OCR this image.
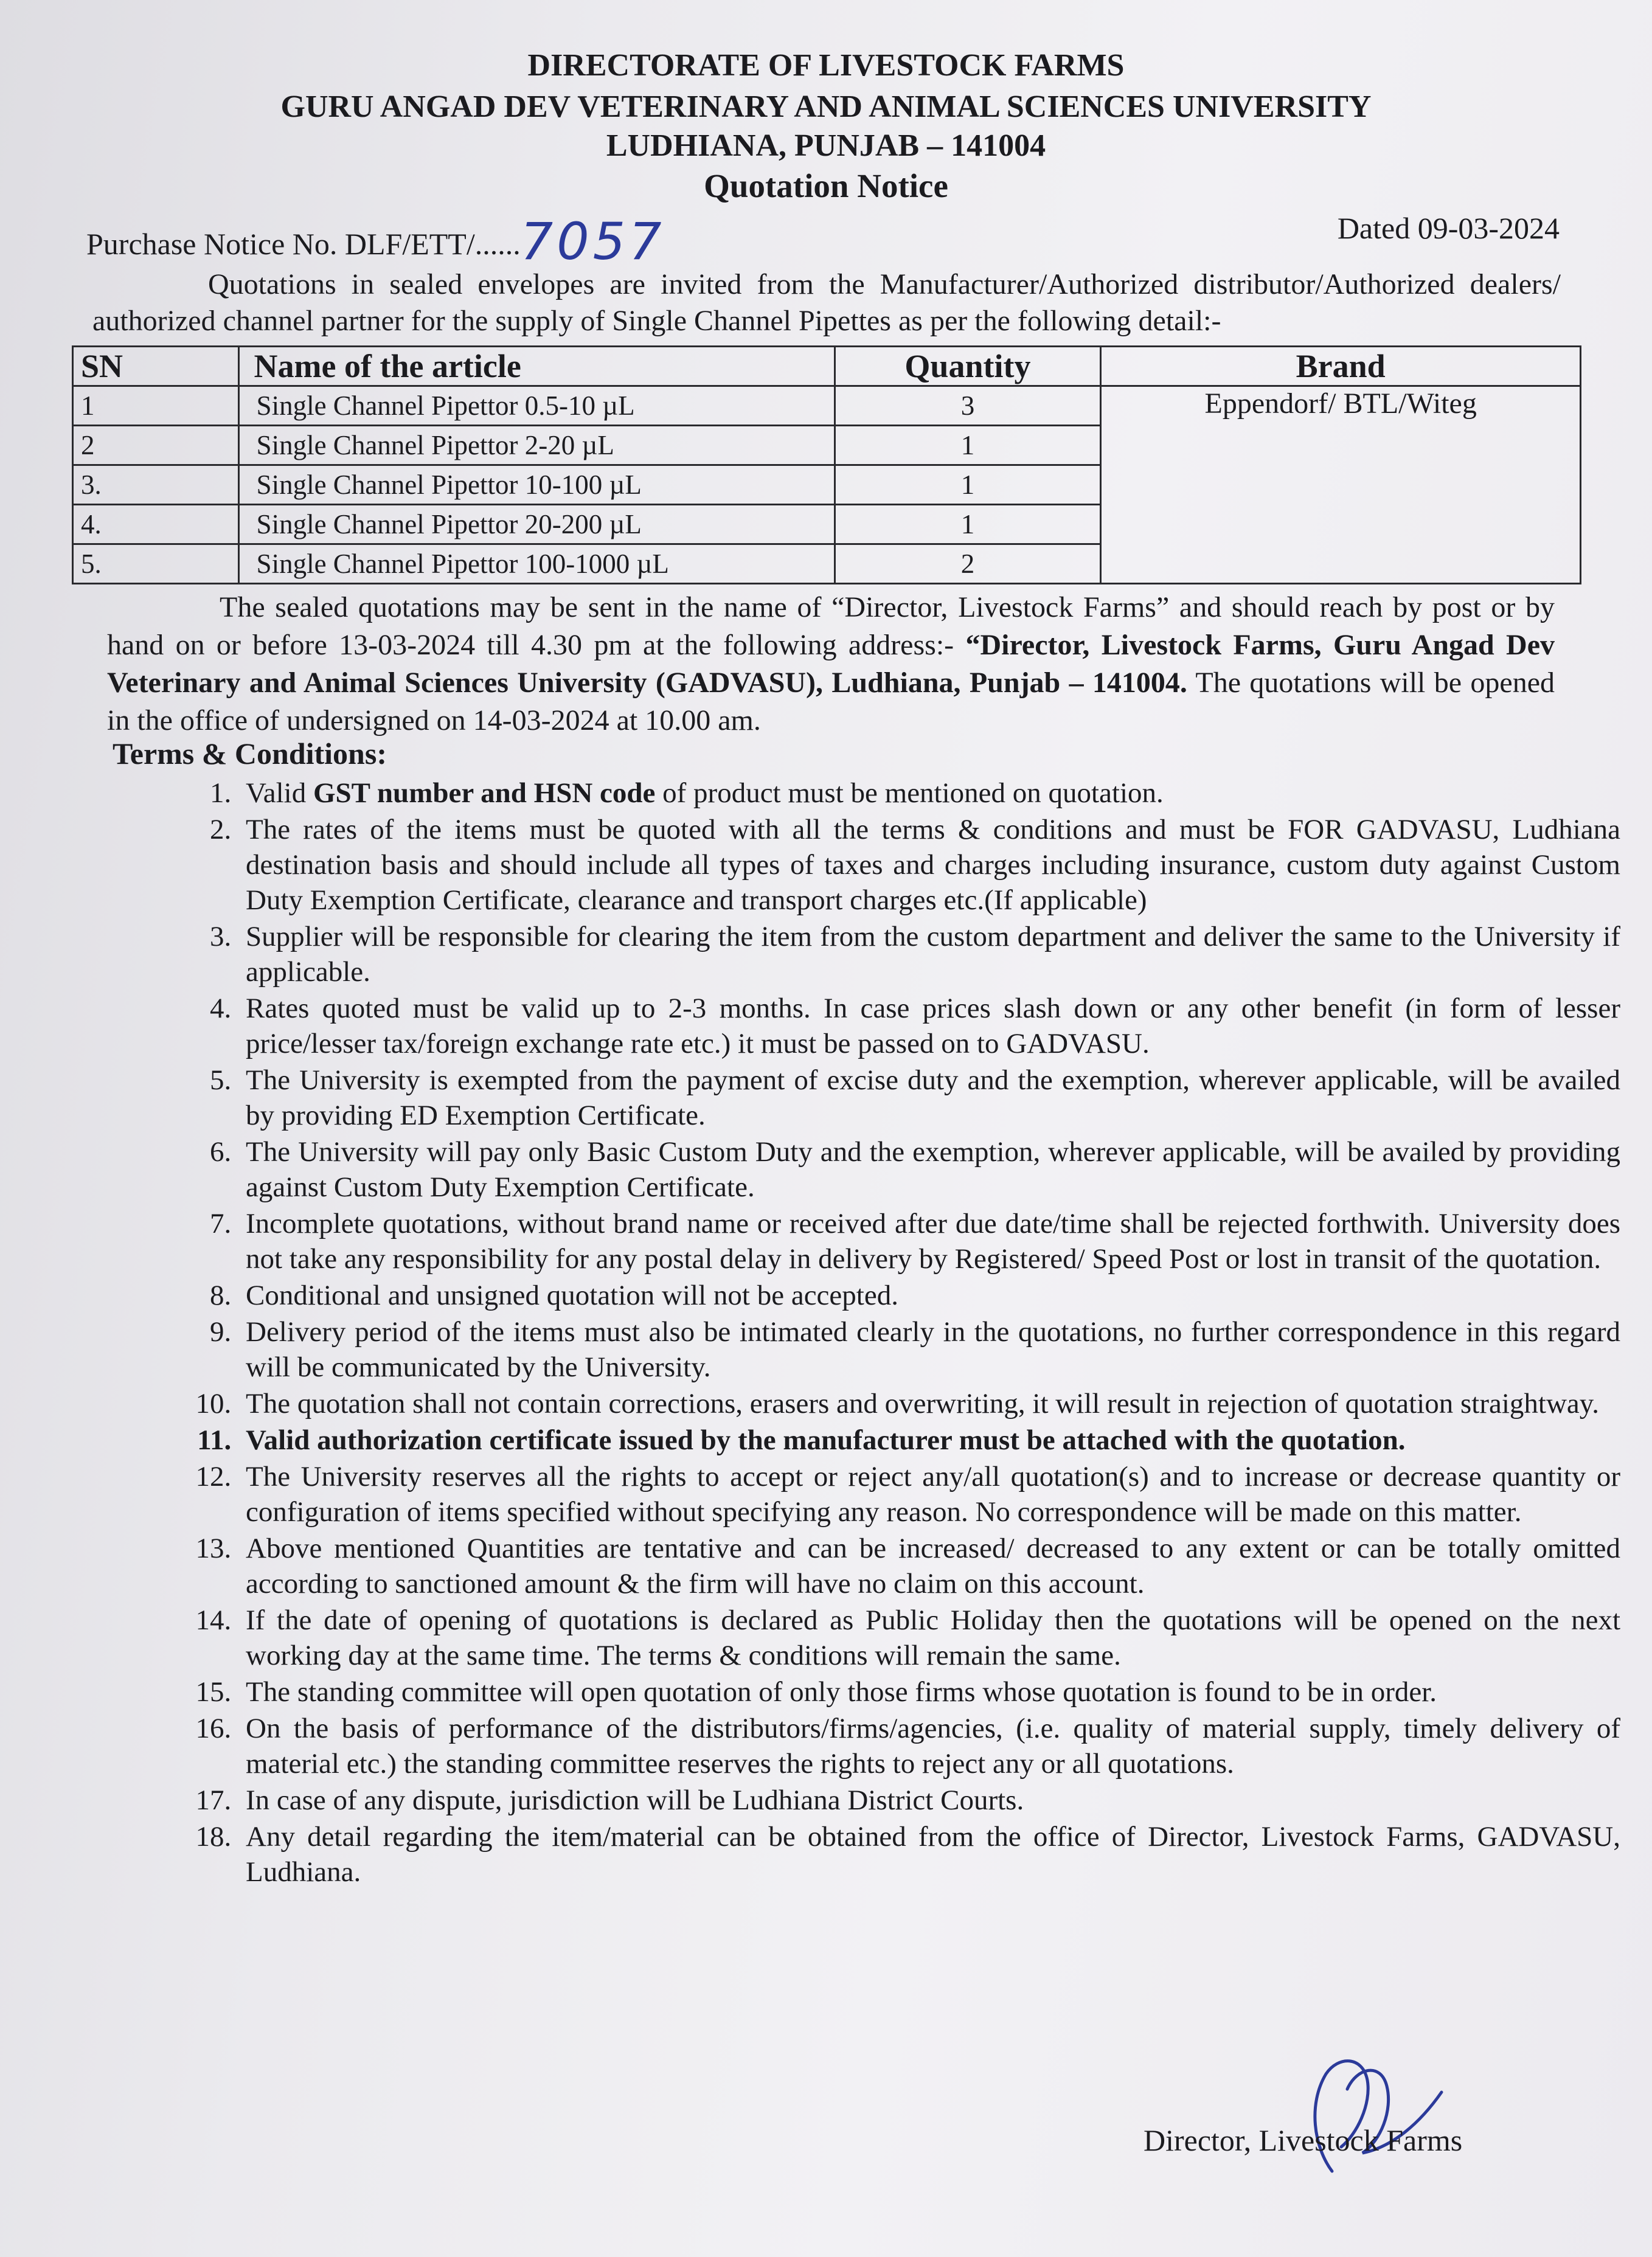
DIRECTORATE OF LIVESTOCK FARMS
GURU ANGAD DEV VETERINARY AND ANIMAL SCIENCES UNIVERSITY
LUDHIANA, PUNJAB – 141004
Quotation Notice
Purchase Notice No. DLF/ETT/......7057	Dated 09-03-2024
Quotations in sealed envelopes are invited from the Manufacturer/Authorized distributor/Authorized dealers/ authorized channel partner for the supply of Single Channel Pipettes as per the following detail:-
SN	Name of the article	Quantity	Brand
1	Single Channel Pipettor 0.5-10 µL	3	Eppendorf/ BTL/Witeg
2	Single Channel Pipettor 2-20 µL	1	
3.	Single Channel Pipettor 10-100 µL	1	
4.	Single Channel Pipettor 20-200 µL	1	
5.	Single Channel Pipettor 100-1000 µL	2	
The sealed quotations may be sent in the name of “Director, Livestock Farms” and should reach by post or by hand on or before 13-03-2024 till 4.30 pm at the following address:- “Director, Livestock Farms, Guru Angad Dev Veterinary and Animal Sciences University (GADVASU), Ludhiana, Punjab – 141004. The quotations will be opened in the office of undersigned on 14-03-2024 at 10.00 am.
Terms & Conditions:
1. Valid GST number and HSN code of product must be mentioned on quotation.
2. The rates of the items must be quoted with all the terms & conditions and must be FOR GADVASU, Ludhiana destination basis and should include all types of taxes and charges including insurance, custom duty against Custom Duty Exemption Certificate, clearance and transport charges etc.(If applicable)
3. Supplier will be responsible for clearing the item from the custom department and deliver the same to the University if applicable.
4. Rates quoted must be valid up to 2-3 months. In case prices slash down or any other benefit (in form of lesser price/lesser tax/foreign exchange rate etc.) it must be passed on to GADVASU.
5. The University is exempted from the payment of excise duty and the exemption, wherever applicable, will be availed by providing ED Exemption Certificate.
6. The University will pay only Basic Custom Duty and the exemption, wherever applicable, will be availed by providing against Custom Duty Exemption Certificate.
7. Incomplete quotations, without brand name or received after due date/time shall be rejected forthwith. University does not take any responsibility for any postal delay in delivery by Registered/ Speed Post or lost in transit of the quotation.
8. Conditional and unsigned quotation will not be accepted.
9. Delivery period of the items must also be intimated clearly in the quotations, no further correspondence in this regard will be communicated by the University.
10. The quotation shall not contain corrections, erasers and overwriting, it will result in rejection of quotation straightway.
11. Valid authorization certificate issued by the manufacturer must be attached with the quotation.
12. The University reserves all the rights to accept or reject any/all quotation(s) and to increase or decrease quantity or configuration of items specified without specifying any reason. No correspondence will be made on this matter.
13. Above mentioned Quantities are tentative and can be increased/ decreased to any extent or can be totally omitted according to sanctioned amount & the firm will have no claim on this account.
14. If the date of opening of quotations is declared as Public Holiday then the quotations will be opened on the next working day at the same time. The terms & conditions will remain the same.
15. The standing committee will open quotation of only those firms whose quotation is found to be in order.
16. On the basis of performance of the distributors/firms/agencies, (i.e. quality of material supply, timely delivery of material etc.) the standing committee reserves the rights to reject any or all quotations.
17. In case of any dispute, jurisdiction will be Ludhiana District Courts.
18. Any detail regarding the item/material can be obtained from the office of Director, Livestock Farms, GADVASU, Ludhiana.
Director, Livestock Farms
